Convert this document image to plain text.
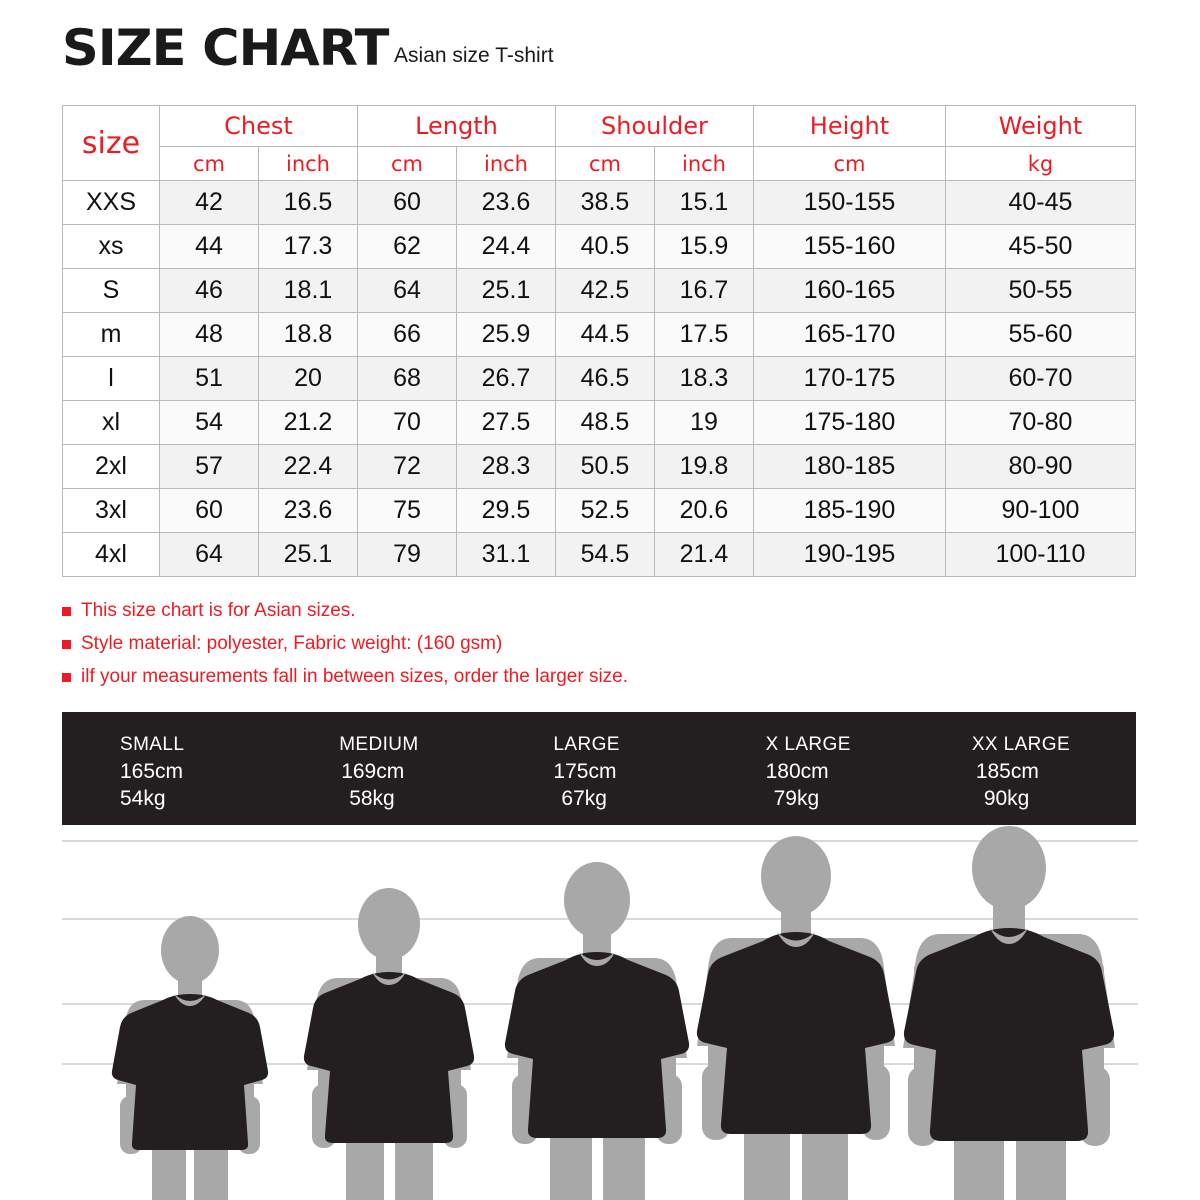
SIZE CHART Asian size T-shirt
size	Chest		Length		Shoulder		Height	Weight
	cm	inch	cm	inch	cm	inch	cm	kg
XXS	42	16.5	60	23.6	38.5	15.1	150-155	40-45
xs	44	17.3	62	24.4	40.5	15.9	155-160	45-50
S	46	18.1	64	25.1	42.5	16.7	160-165	50-55
m	48	18.8	66	25.9	44.5	17.5	165-170	55-60
l	51	20	68	26.7	46.5	18.3	170-175	60-70
xl	54	21.2	70	27.5	48.5	19	175-180	70-80
2xl	57	22.4	72	28.3	50.5	19.8	180-185	80-90
3xl	60	23.6	75	29.5	52.5	20.6	185-190	90-100
4xl	64	25.1	79	31.1	54.5	21.4	190-195	100-110
This size chart is for Asian sizes.
Style material: polyester, Fabric weight: (160 gsm)
ilf your measurements fall in between sizes, order the larger size.
SMALL
165cm
54kg
MEDIUM
169cm
58kg
LARGE
175cm
67kg
X LARGE
180cm
79kg
XX LARGE
185cm
90kg
